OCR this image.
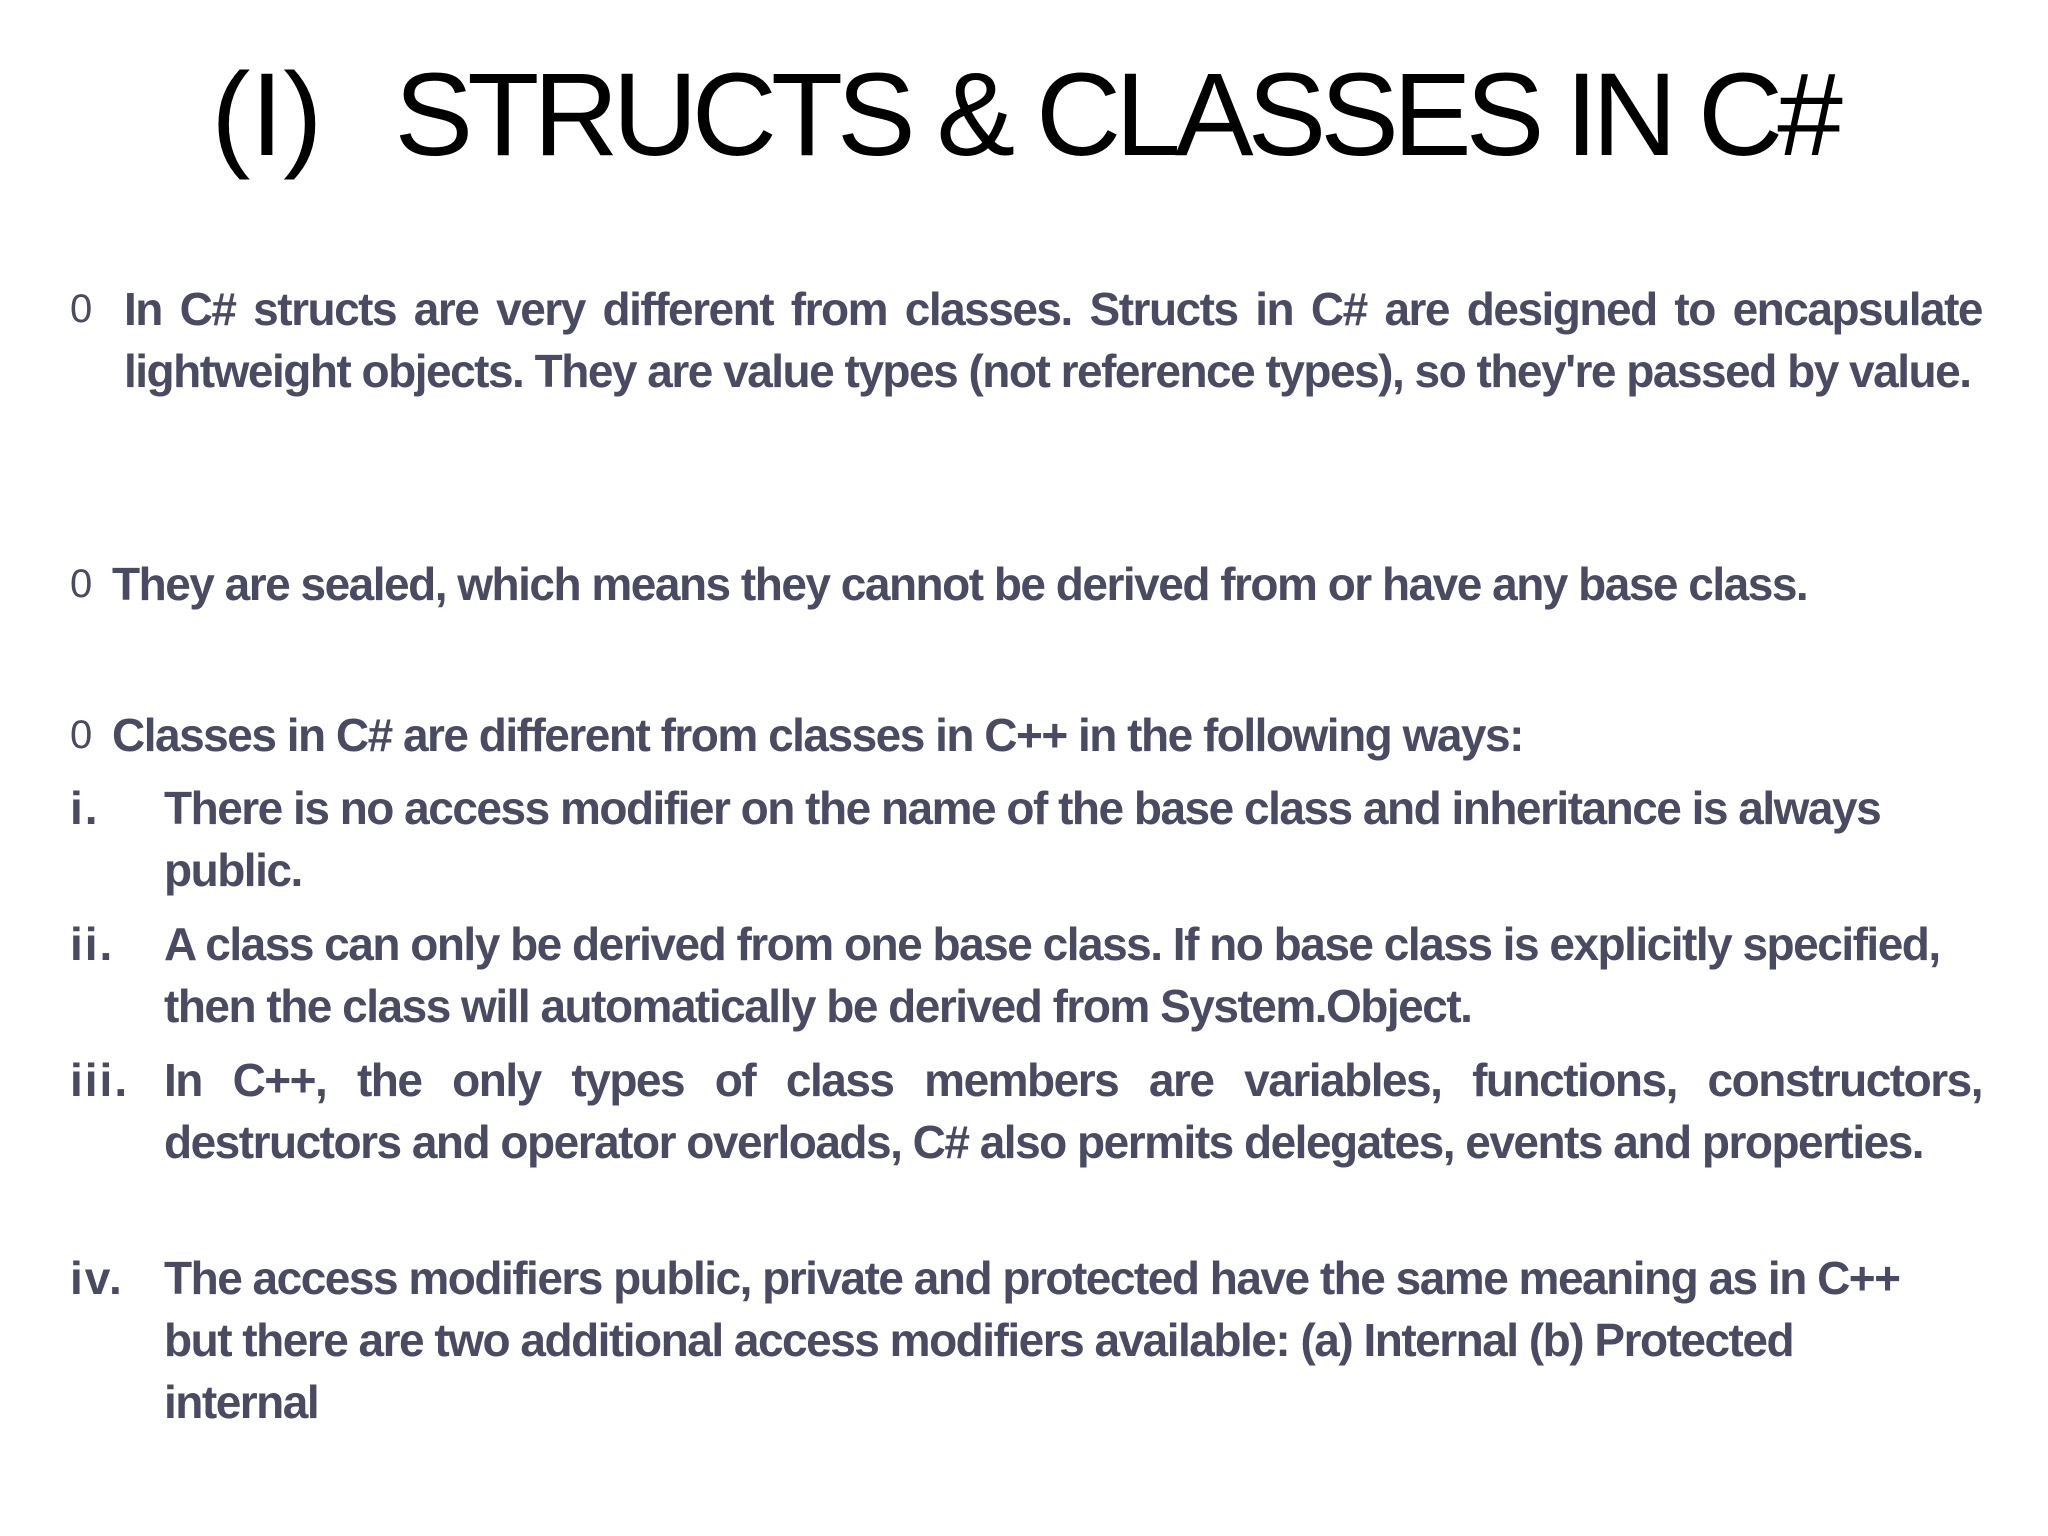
(I) STRUCTS & CLASSES IN C#
0 In C# structs are very different from classes. Structs in C# are designed to encapsulate lightweight objects. They are value types (not reference types), so they're passed by value.
0 They are sealed, which means they cannot be derived from or have any base class.
0 Classes in C# are different from classes in C++ in the following ways:
i. There is no access modifier on the name of the base class and inheritance is always public.
ii. A class can only be derived from one base class. If no base class is explicitly specified, then the class will automatically be derived from System.Object.
iii. In C++, the only types of class members are variables, functions, constructors, destructors and operator overloads, C# also permits delegates, events and properties.
iv. The access modifiers public, private and protected have the same meaning as in C++ but there are two additional access modifiers available: (a) Internal (b) Protected internal
